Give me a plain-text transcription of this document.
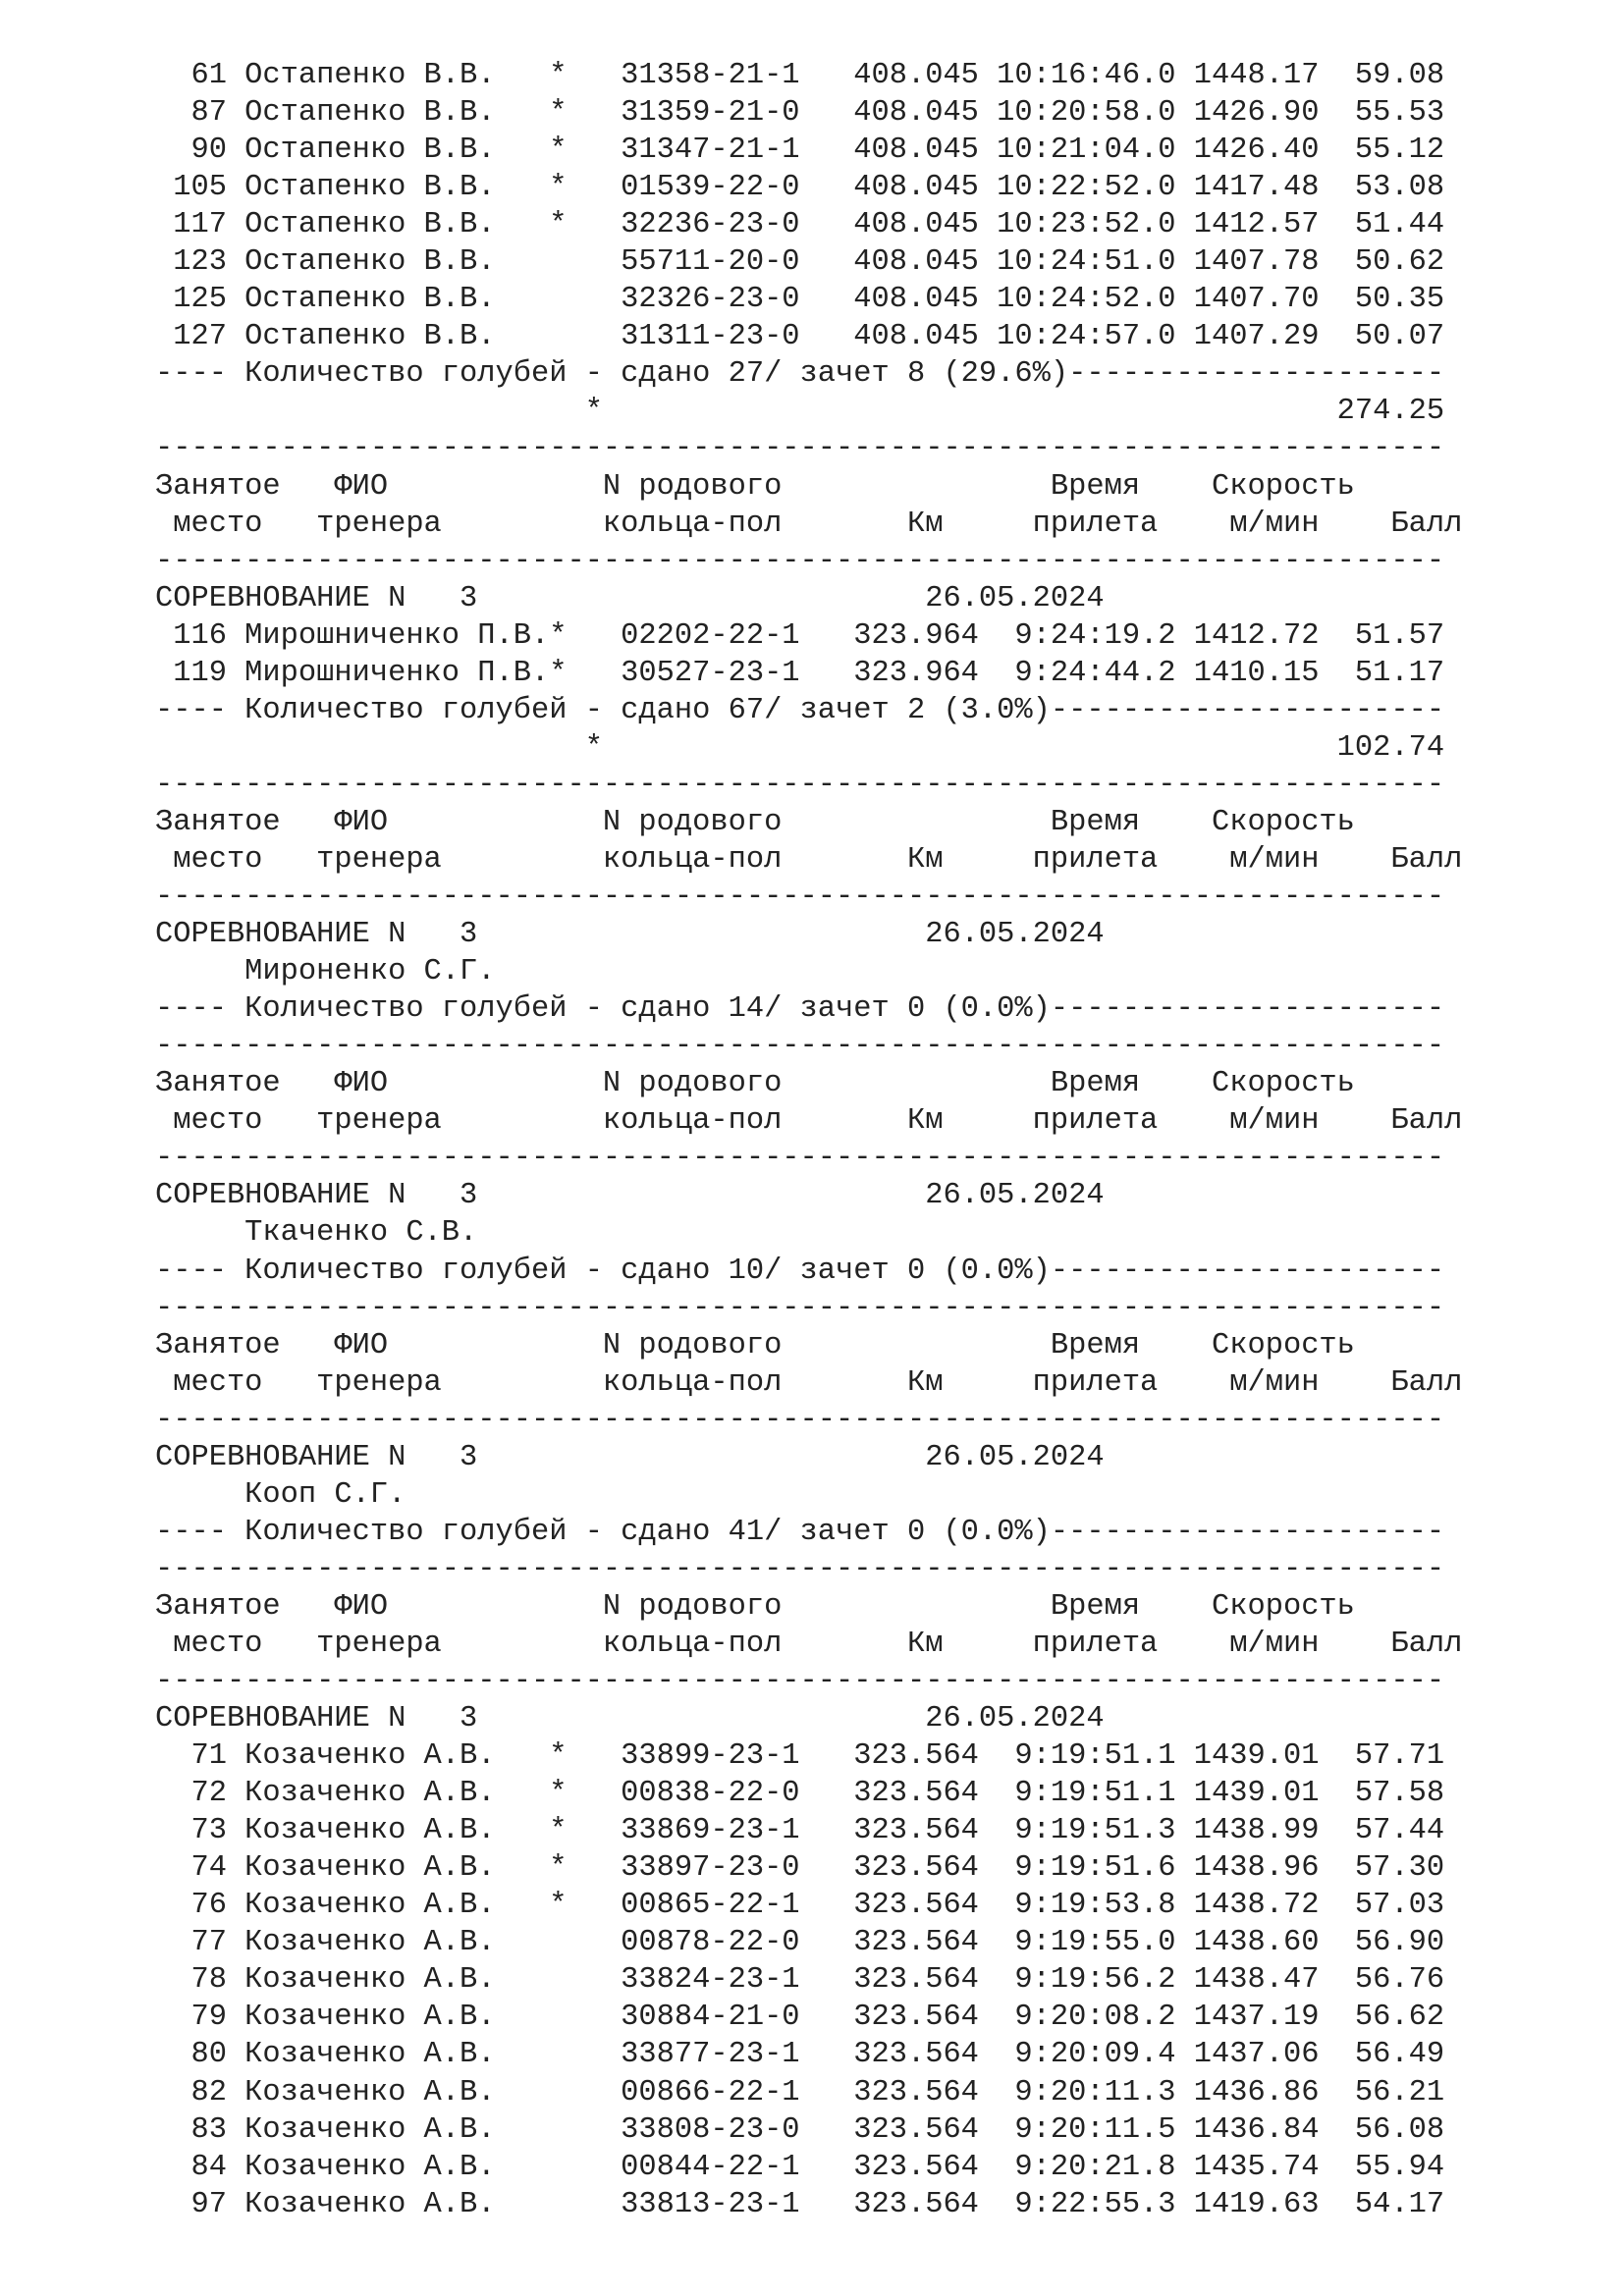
61 Остапенко В.В.   *   31358-21-1   408.045 10:16:46.0 1448.17  59.08
87 Остапенко В.В.   *   31359-21-0   408.045 10:20:58.0 1426.90  55.53
90 Остапенко В.В.   *   31347-21-1   408.045 10:21:04.0 1426.40  55.12
105 Остапенко В.В.   *   01539-22-0   408.045 10:22:52.0 1417.48  53.08
117 Остапенко В.В.   *   32236-23-0   408.045 10:23:52.0 1412.57  51.44
123 Остапенко В.В.       55711-20-0   408.045 10:24:51.0 1407.78  50.62
125 Остапенко В.В.       32326-23-0   408.045 10:24:52.0 1407.70  50.35
127 Остапенко В.В.       31311-23-0   408.045 10:24:57.0 1407.29  50.07
---- Количество голубей - сдано 27/ зачет 8 (29.6%)---------------------
*                                         274.25
------------------------------------------------------------------------
Занятое   ФИО            N родового               Время    Скорость
место   тренера         кольца-пол       Км     прилета    м/мин    Балл
------------------------------------------------------------------------
СОРЕВНОВАНИЕ N   3                         26.05.2024
116 Мирошниченко П.В.*   02202-22-1   323.964  9:24:19.2 1412.72  51.57
119 Мирошниченко П.В.*   30527-23-1   323.964  9:24:44.2 1410.15  51.17
---- Количество голубей - сдано 67/ зачет 2 (3.0%)----------------------
*                                         102.74
------------------------------------------------------------------------
Занятое   ФИО            N родового               Время    Скорость
место   тренера         кольца-пол       Км     прилета    м/мин    Балл
------------------------------------------------------------------------
СОРЕВНОВАНИЕ N   3                         26.05.2024
Мироненко С.Г.
---- Количество голубей - сдано 14/ зачет 0 (0.0%)----------------------
------------------------------------------------------------------------
Занятое   ФИО            N родового               Время    Скорость
место   тренера         кольца-пол       Км     прилета    м/мин    Балл
------------------------------------------------------------------------
СОРЕВНОВАНИЕ N   3                         26.05.2024
Ткаченко С.В.
---- Количество голубей - сдано 10/ зачет 0 (0.0%)----------------------
------------------------------------------------------------------------
Занятое   ФИО            N родового               Время    Скорость
место   тренера         кольца-пол       Км     прилета    м/мин    Балл
------------------------------------------------------------------------
СОРЕВНОВАНИЕ N   3                         26.05.2024
Кооп С.Г.
---- Количество голубей - сдано 41/ зачет 0 (0.0%)----------------------
------------------------------------------------------------------------
Занятое   ФИО            N родового               Время    Скорость
место   тренера         кольца-пол       Км     прилета    м/мин    Балл
------------------------------------------------------------------------
СОРЕВНОВАНИЕ N   3                         26.05.2024
71 Козаченко А.В.   *   33899-23-1   323.564  9:19:51.1 1439.01  57.71
72 Козаченко А.В.   *   00838-22-0   323.564  9:19:51.1 1439.01  57.58
73 Козаченко А.В.   *   33869-23-1   323.564  9:19:51.3 1438.99  57.44
74 Козаченко А.В.   *   33897-23-0   323.564  9:19:51.6 1438.96  57.30
76 Козаченко А.В.   *   00865-22-1   323.564  9:19:53.8 1438.72  57.03
77 Козаченко А.В.       00878-22-0   323.564  9:19:55.0 1438.60  56.90
78 Козаченко А.В.       33824-23-1   323.564  9:19:56.2 1438.47  56.76
79 Козаченко А.В.       30884-21-0   323.564  9:20:08.2 1437.19  56.62
80 Козаченко А.В.       33877-23-1   323.564  9:20:09.4 1437.06  56.49
82 Козаченко А.В.       00866-22-1   323.564  9:20:11.3 1436.86  56.21
83 Козаченко А.В.       33808-23-0   323.564  9:20:11.5 1436.84  56.08
84 Козаченко А.В.       00844-22-1   323.564  9:20:21.8 1435.74  55.94
97 Козаченко А.В.       33813-23-1   323.564  9:22:55.3 1419.63  54.17
